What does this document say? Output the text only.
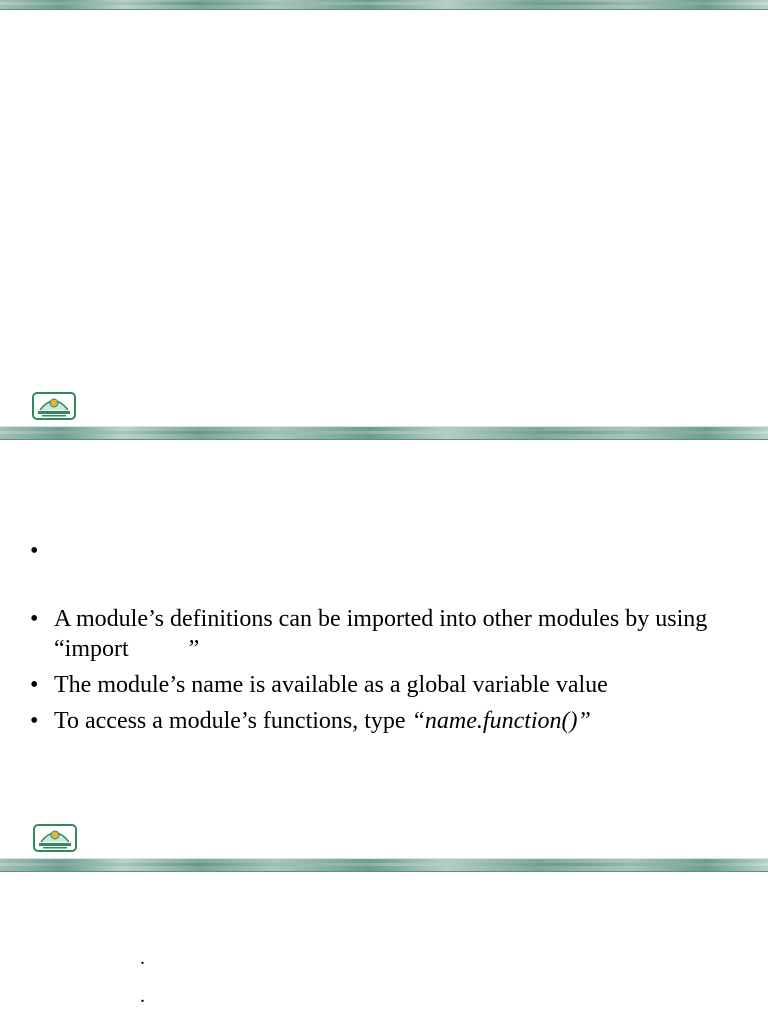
•
• A module’s definitions can be imported into other modules by using “import	”
• The module’s name is available as a global variable value
• To access a module’s functions, type “name.function()”
.
.
